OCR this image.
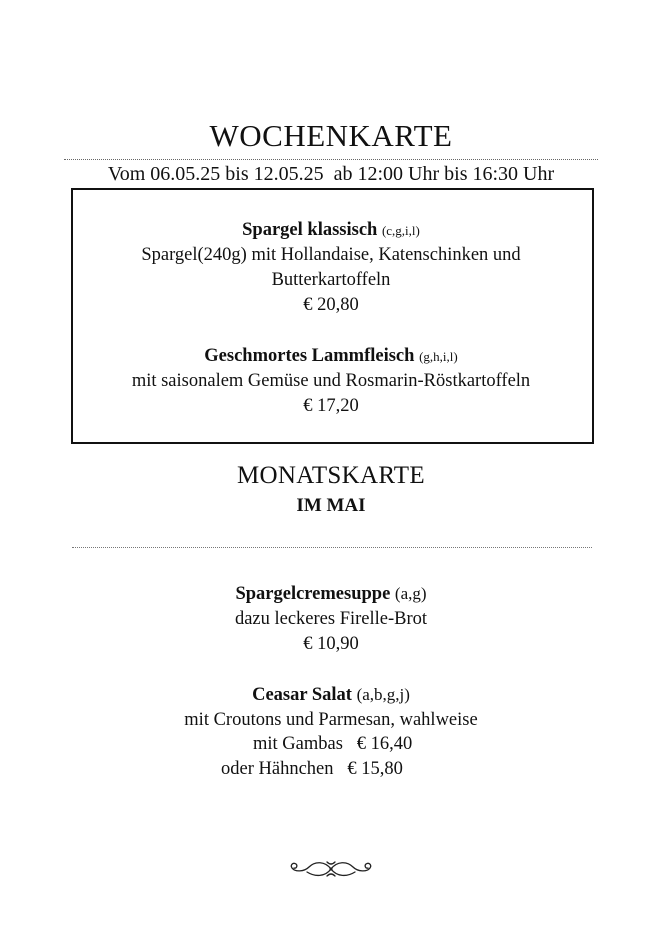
WOCHENKARTE
Vom 06.05.25 bis 12.05.25  ab 12:00 Uhr bis 16:30 Uhr
Spargel klassisch (c,g,i,l)
Spargel(240g) mit Hollandaise, Katenschinken und
Butterkartoffeln
€ 20,80
Geschmortes Lammfleisch (g,h,i,l)
mit saisonalem Gemüse und Rosmarin-Röstkartoffeln
€ 17,20
MONATSKARTE
IM MAI
Spargelcremesuppe (a,g)
dazu leckeres Firelle-Brot
€ 10,90
Ceasar Salat (a,b,g,j)
mit Croutons und Parmesan, wahlweise
mit Gambas € 16,40
oder Hähnchen € 15,80
